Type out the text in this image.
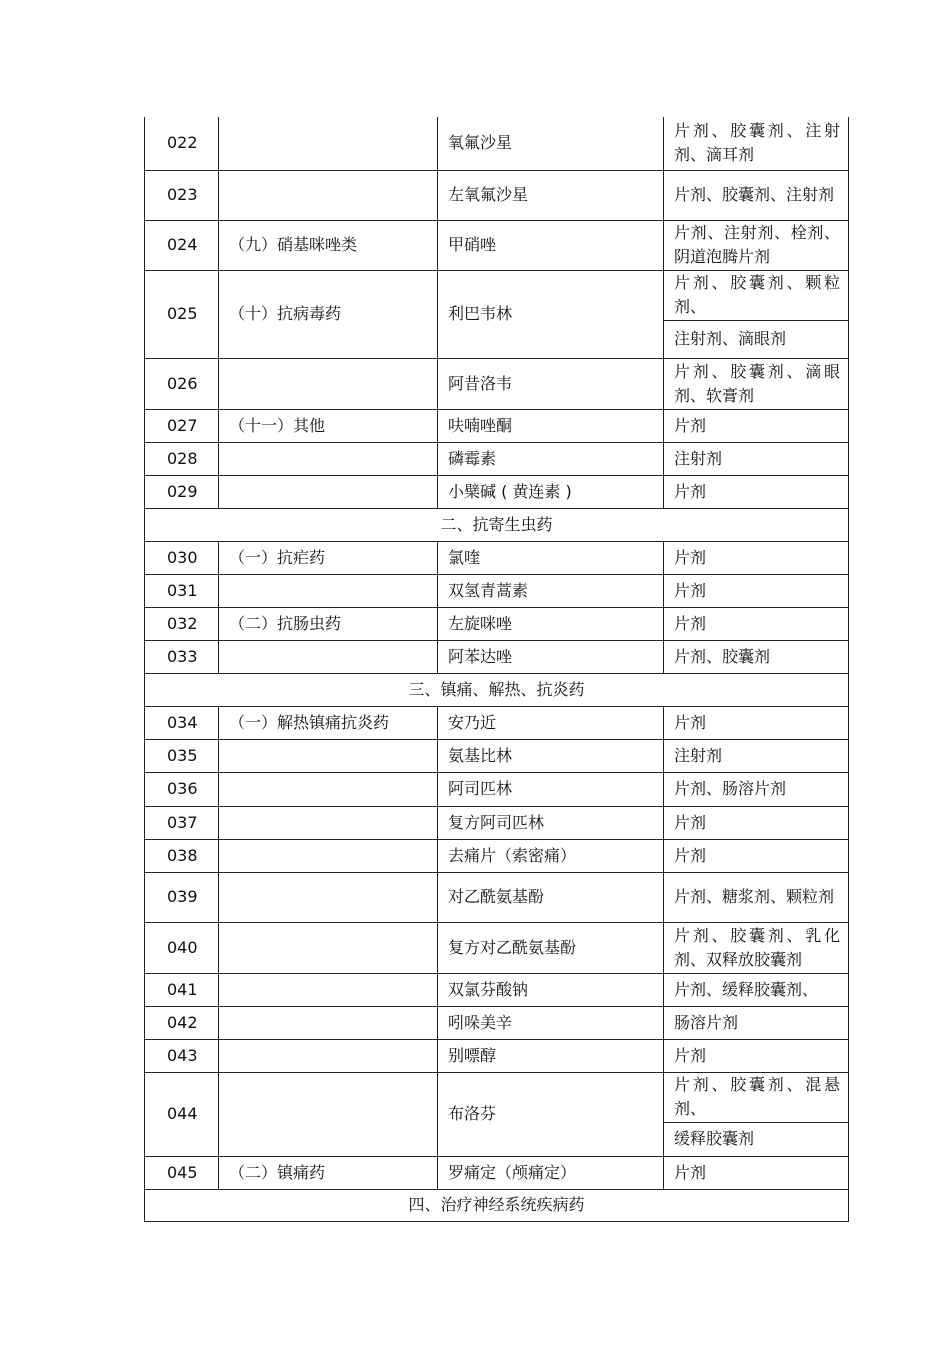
022		氧氟沙星	片剂、胶囊剂、注射剂、滴耳剂
023		左氧氟沙星	片剂、胶囊剂、注射剂
024	（九）硝基咪唑类	甲硝唑	片剂、注射剂、栓剂、阴道泡腾片剂
025	（十）抗病毒药	利巴韦林	片剂、胶囊剂、颗粒剂、
			注射剂、滴眼剂
026		阿昔洛韦	片剂、胶囊剂、滴眼剂、软膏剂
027	（十一）其他	呋喃唑酮	片剂
028		磷霉素	注射剂
029		小檗碱 ( 黄连素 )	片剂
二、抗寄生虫药			
030	（一）抗疟药	氯喹	片剂
031		双氢青蒿素	片剂
032	（二）抗肠虫药	左旋咪唑	片剂
033		阿苯达唑	片剂、胶囊剂
三、镇痛、解热、抗炎药			
034	（一）解热镇痛抗炎药	安乃近	片剂
035		氨基比林	注射剂
036		阿司匹林	片剂、肠溶片剂
037		复方阿司匹林	片剂
038		去痛片（索密痛）	片剂
039		对乙酰氨基酚	片剂、糖浆剂、颗粒剂
040		复方对乙酰氨基酚	片剂、胶囊剂、乳化剂、双释放胶囊剂
041		双氯芬酸钠	片剂、缓释胶囊剂、
042		吲哚美辛	肠溶片剂
043		别嘌醇	片剂
044		布洛芬	片剂、胶囊剂、混悬剂、
			缓释胶囊剂
045	（二）镇痛药	罗痛定（颅痛定）	片剂
四、治疗神经系统疾病药			
